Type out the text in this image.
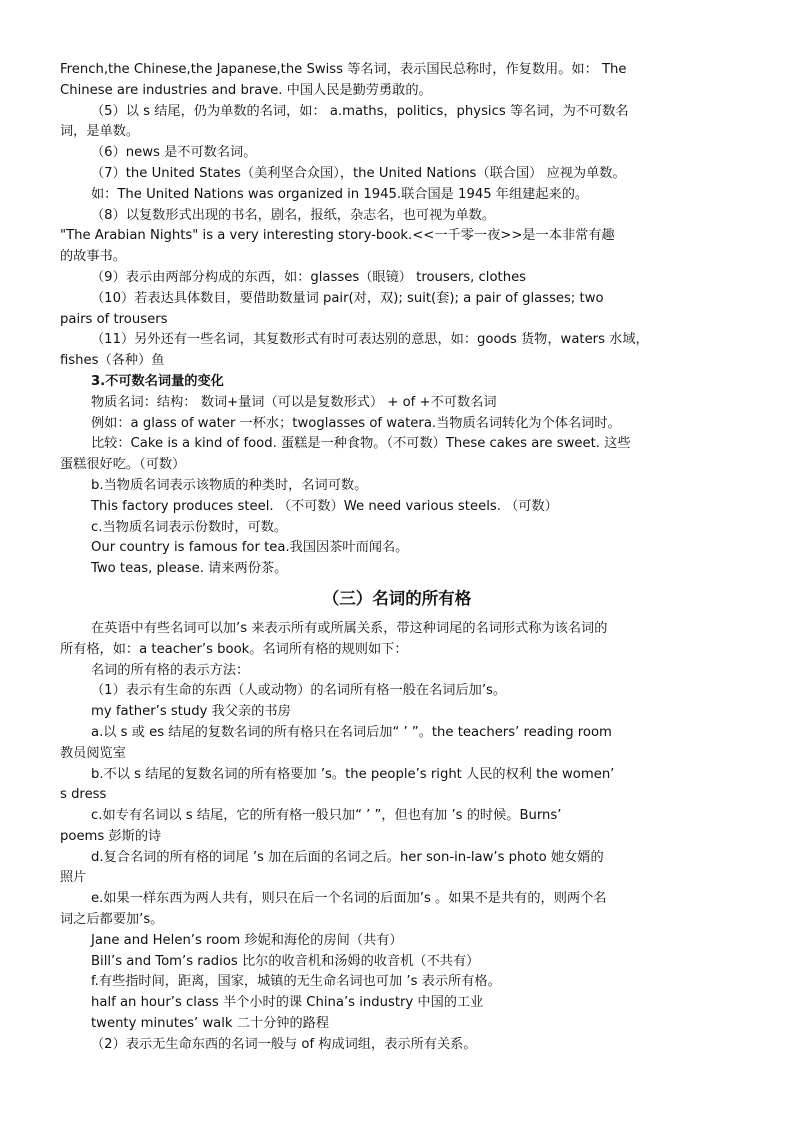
French,the Chinese,the Japanese,the Swiss 等名词，表示国民总称时，作复数用。如： The
Chinese are industries and brave. 中国人民是勤劳勇敢的。
（5）以 s 结尾，仍为单数的名词，如： a.maths，politics，physics 等名词，为不可数名
词，是单数。
（6）news 是不可数名词。
（7）the United States（美利坚合众国），the United Nations（联合国） 应视为单数。
如：The United Nations was organized in 1945.联合国是 1945 年组建起来的。
（8）以复数形式出现的书名，剧名，报纸，杂志名，也可视为单数。
"The Arabian Nights" is a very interesting story-book.<<一千零一夜>>是一本非常有趣
的故事书。
（9）表示由两部分构成的东西，如：glasses（眼镜） trousers, clothes
（10）若表达具体数目，要借助数量词 pair(对，双); suit(套); a pair of glasses; two
pairs of trousers
（11）另外还有一些名词，其复数形式有时可表达别的意思，如：goods 货物，waters 水域，
fishes（各种）鱼
3.不可数名词量的变化
物质名词：结构： 数词+量词（可以是复数形式） + of +不可数名词
例如：a glass of water 一杯水；twoglasses of watera.当物质名词转化为个体名词时。
比较：Cake is a kind of food. 蛋糕是一种食物。（不可数）These cakes are sweet. 这些
蛋糕很好吃。（可数）
b.当物质名词表示该物质的种类时，名词可数。
This factory produces steel. （不可数）We need various steels. （可数）
c.当物质名词表示份数时，可数。
Our country is famous for tea.我国因茶叶而闻名。
Two teas, please. 请来两份茶。
（三）名词的所有格
在英语中有些名词可以加’s 来表示所有或所属关系，带这种词尾的名词形式称为该名词的
所有格，如：a teacher’s book。名词所有格的规则如下：
名词的所有格的表示方法：
（1）表示有生命的东西（人或动物）的名词所有格一般在名词后加’s。
my father’s study 我父亲的书房
a.以 s 或 es 结尾的复数名词的所有格只在名词后加“ ’ ”。the teachers’ reading room
教员阅览室
b.不以 s 结尾的复数名词的所有格要加 ’s。the people’s right 人民的权利 the women’
s dress
c.如专有名词以 s 结尾，它的所有格一般只加“ ’ ”，但也有加 ’s 的时候。Burns’
poems 彭斯的诗
d.复合名词的所有格的词尾 ’s 加在后面的名词之后。her son-in-law’s photo 她女婿的
照片
e.如果一样东西为两人共有，则只在后一个名词的后面加’s 。如果不是共有的，则两个名
词之后都要加’s。
Jane and Helen’s room 珍妮和海伦的房间（共有）
Bill’s and Tom’s radios 比尔的收音机和汤姆的收音机（不共有）
f.有些指时间，距离，国家，城镇的无生命名词也可加 ’s 表示所有格。
half an hour’s class 半个小时的课 China’s industry 中国的工业
twenty minutes’ walk 二十分钟的路程
（2）表示无生命东西的名词一般与 of 构成词组，表示所有关系。
